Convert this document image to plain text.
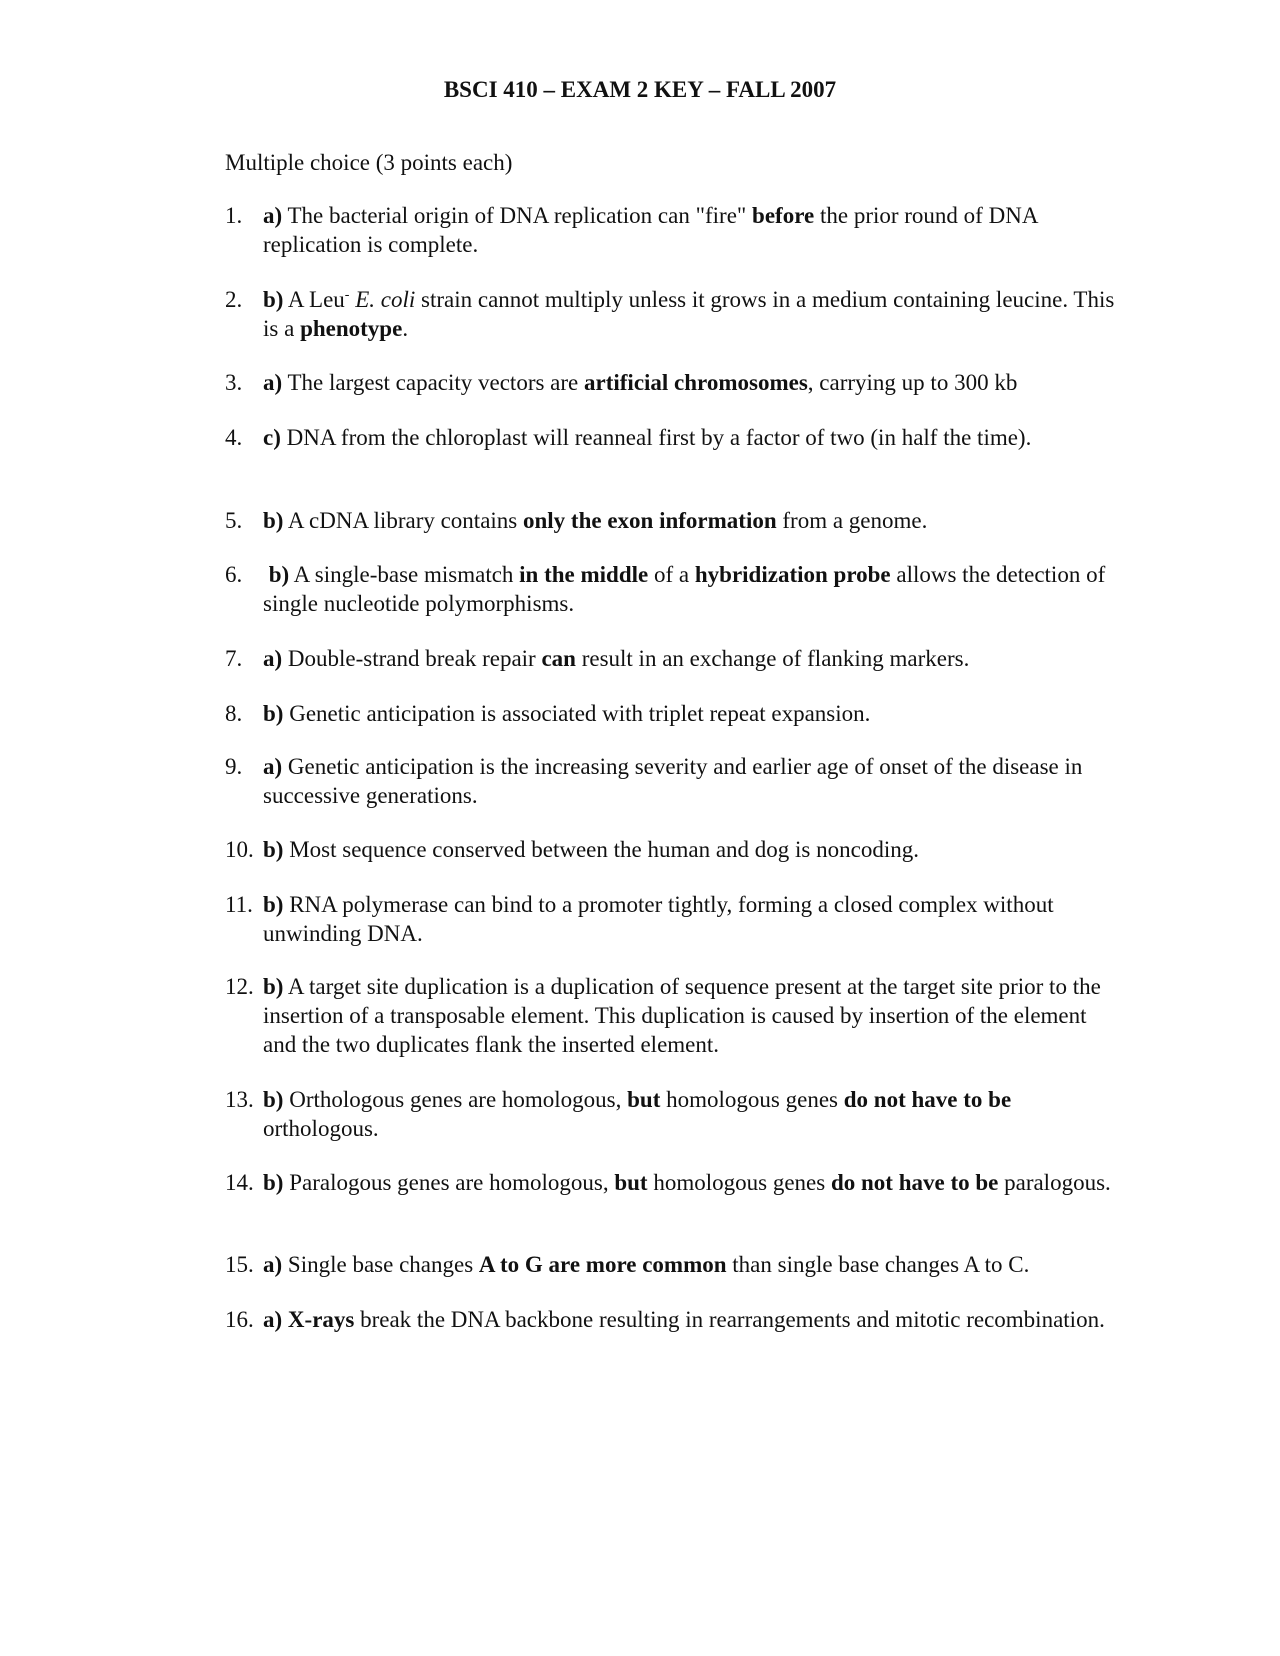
BSCI 410 – EXAM 2 KEY – FALL 2007
Multiple choice (3 points each)
1. a) The bacterial origin of DNA replication can "fire" before the prior round of DNA replication is complete.
2. b) A Leu- E. coli strain cannot multiply unless it grows in a medium containing leucine. This is a phenotype.
3. a) The largest capacity vectors are artificial chromosomes, carrying up to 300 kb
4. c) DNA from the chloroplast will reanneal first by a factor of two (in half the time).
5. b) A cDNA library contains only the exon information from a genome.
6. b) A single-base mismatch in the middle of a hybridization probe allows the detection of single nucleotide polymorphisms.
7. a) Double-strand break repair can result in an exchange of flanking markers.
8. b) Genetic anticipation is associated with triplet repeat expansion.
9. a) Genetic anticipation is the increasing severity and earlier age of onset of the disease in successive generations.
10. b) Most sequence conserved between the human and dog is noncoding.
11. b) RNA polymerase can bind to a promoter tightly, forming a closed complex without unwinding DNA.
12. b) A target site duplication is a duplication of sequence present at the target site prior to the insertion of a transposable element. This duplication is caused by insertion of the element and the two duplicates flank the inserted element.
13. b) Orthologous genes are homologous, but homologous genes do not have to be orthologous.
14. b) Paralogous genes are homologous, but homologous genes do not have to be paralogous.
15. a) Single base changes A to G are more common than single base changes A to C.
16. a) X-rays break the DNA backbone resulting in rearrangements and mitotic recombination.
